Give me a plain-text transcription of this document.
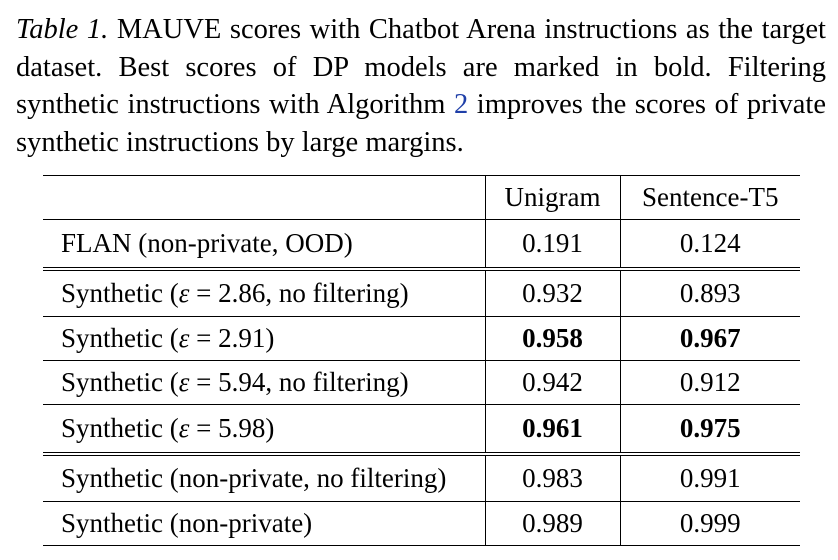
Table 1. MAUVE scores with Chatbot Arena instructions as the target dataset. Best scores of DP models are marked in bold. Filtering synthetic instructions with Algorithm 2 improves the scores of private synthetic instructions by large margins.
	Unigram	Sentence-T5
FLAN (non-private, OOD)	0.191	0.124
Synthetic (ε = 2.86, no filtering)	0.932	0.893
Synthetic (ε = 2.91)	0.958	0.967
Synthetic (ε = 5.94, no filtering)	0.942	0.912
Synthetic (ε = 5.98)	0.961	0.975
Synthetic (non-private, no filtering)	0.983	0.991
Synthetic (non-private)	0.989	0.999
